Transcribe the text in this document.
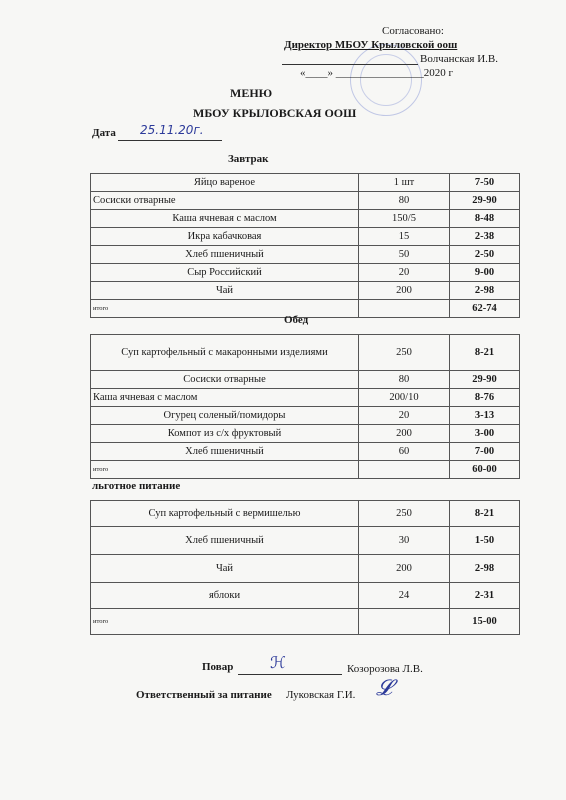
Согласовано:
Директор МБОУ Крыловской оош
Волчанская И.В.
«____» ________________2020 г
МЕНЮ
МБОУ КРЫЛОВСКАЯ ООШ
Дата 25.11.20г.
Завтрак
Яйцо вареное	1 шт	7-50
Сосиски отварные	80	29-90
Каша ячневая с маслом	150/5	8-48
Икра кабачковая	15	2-38
Хлеб пшеничный	50	2-50
Сыр Российский	20	9-00
Чай	200	2-98
итого		62-74
Обед
Суп картофельный с макаронными изделиями	250	8-21
Сосиски отварные	80	29-90
Каша ячневая с маслом	200/10	8-76
Огурец соленый/помидоры	20	3-13
Компот из с/х фруктовый	200	3-00
Хлеб пшеничный	60	7-00
итого		60-00
льготное питание
Суп картофельный с вермишелью	250	8-21
Хлеб пшеничный	30	1-50
Чай	200	2-98
яблоки	24	2-31
итого		15-00
Повар ℋ	Козорозова Л.В.
Ответственный за питание Луковская Г.И. 𝓛
